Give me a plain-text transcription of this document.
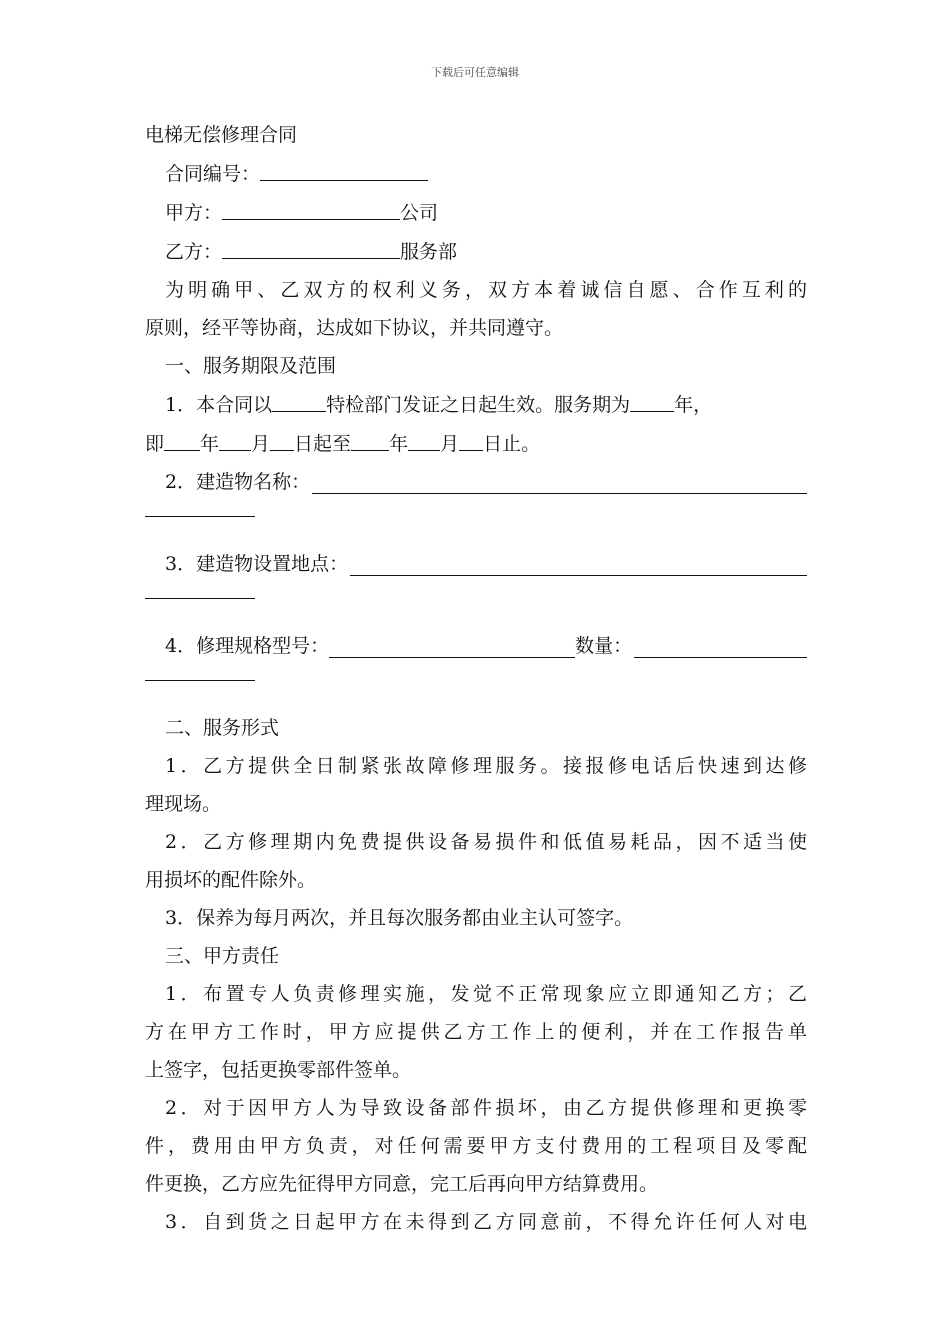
下载后可任意编辑

电梯无偿修理合同

合同编号：

甲方：	公司

乙方：	服务部

为明确甲、乙双方的权利义务，双方本着诚信自愿、合作互利的

原则，经平等协商，达成如下协议，并共同遵守。

一、服务期限及范围

1．本合同以	特检部门发证之日起生效。服务期为 年，

即 年 月 日起至 年 月 日止。

2．建造物名称：

3．建造物设置地点：

4．修理规格型号：	数量：

二、服务形式

1．乙方提供全日制紧张故障修理服务。接报修电话后快速到达修

理现场。

2．乙方修理期内免费提供设备易损件和低值易耗品，因不适当使

用损坏的配件除外。

3．保养为每月两次，并且每次服务都由业主认可签字。

三、甲方责任

1．布置专人负责修理实施，发觉不正常现象应立即通知乙方；乙

方在甲方工作时，甲方应提供乙方工作上的便利，并在工作报告单

上签字，包括更换零部件签单。

2．对于因甲方人为导致设备部件损坏，由乙方提供修理和更换零

件，费用由甲方负责，对任何需要甲方支付费用的工程项目及零配

件更换，乙方应先征得甲方同意，完工后再向甲方结算费用。

3．自到货之日起甲方在未得到乙方同意前，不得允许任何人对电
